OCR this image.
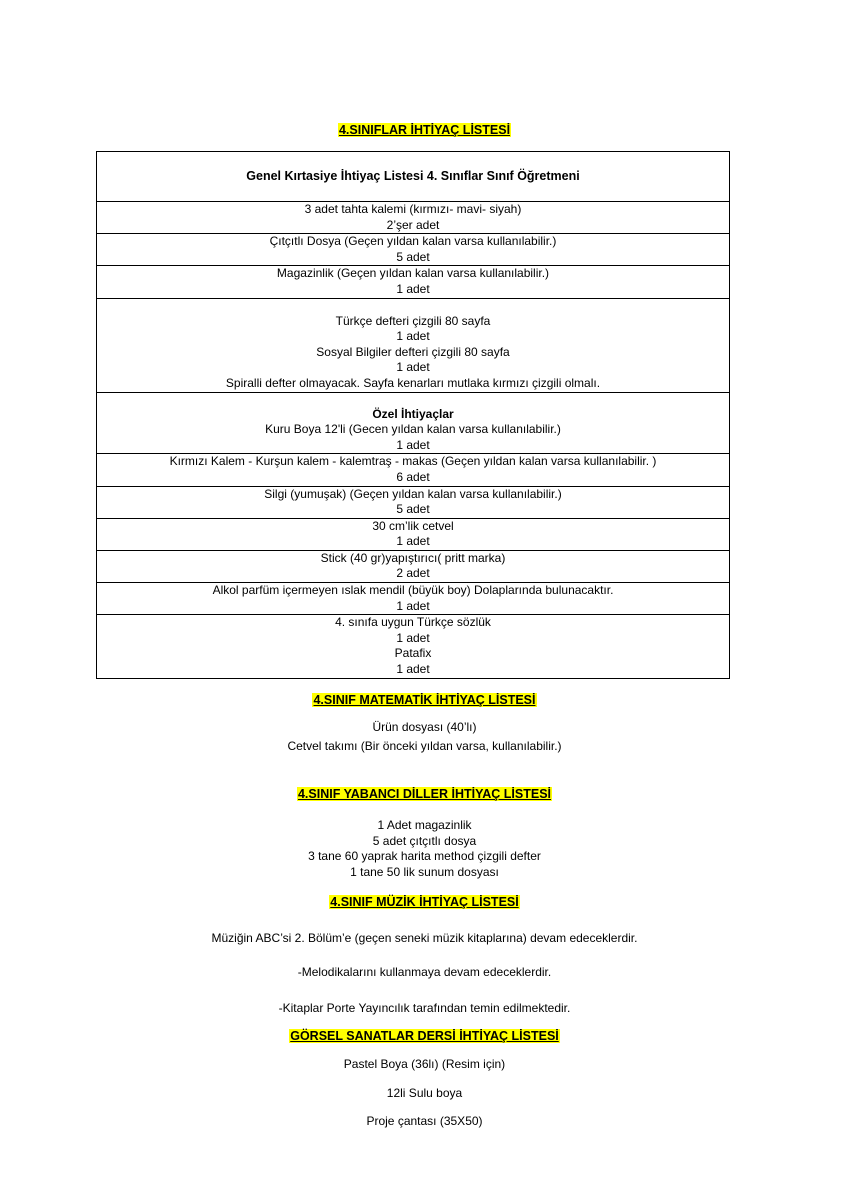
4.SINIFLAR İHTİYAÇ LİSTESİ
Genel Kırtasiye İhtiyaç Listesi 4. Sınıflar Sınıf Öğretmeni

3 adet tahta kalemi (kırmızı- mavi- siyah)
2’şer adet

Çıtçıtlı Dosya (Geçen yıldan kalan varsa kullanılabilir.)
5 adet

Magazinlik (Geçen yıldan kalan varsa kullanılabilir.)
1 adet

Türkçe defteri çizgili 80 sayfa
1 adet
Sosyal Bilgiler defteri çizgili 80 sayfa
1 adet
Spiralli defter olmayacak. Sayfa kenarları mutlaka kırmızı çizgili olmalı.

Özel İhtiyaçlar
Kuru Boya 12'li (Gecen yıldan kalan varsa kullanılabilir.)
1 adet

Kırmızı Kalem - Kurşun kalem - kalemtraş - makas (Geçen yıldan kalan varsa kullanılabilir. )
6 adet

Silgi (yumuşak) (Geçen yıldan kalan varsa kullanılabilir.)
5 adet

30 cm’lik cetvel
1 adet

Stick (40 gr)yapıştırıcı( pritt marka)
2 adet

Alkol parfüm içermeyen ıslak mendil (büyük boy) Dolaplarında bulunacaktır.
1 adet

4. sınıfa uygun Türkçe sözlük
1 adet
Patafix
1 adet
4.SINIF MATEMATİK İHTİYAÇ LİSTESİ
Ürün dosyası (40’lı)
Cetvel takımı (Bir önceki yıldan varsa, kullanılabilir.)
4.SINIF YABANCI DİLLER İHTİYAÇ LİSTESİ
1 Adet magazinlik
5 adet çıtçıtlı dosya
3 tane 60 yaprak harita method çizgili defter
1 tane 50 lik sunum dosyası
4.SINIF MÜZİK İHTİYAÇ LİSTESİ
Müziğin ABC’si 2. Bölüm’e (geçen seneki müzik kitaplarına) devam edeceklerdir.
-Melodikalarını kullanmaya devam edeceklerdir.
-Kitaplar Porte Yayıncılık tarafından temin edilmektedir.
GÖRSEL SANATLAR DERSİ İHTİYAÇ LİSTESİ
Pastel Boya (36lı) (Resim için)
12li Sulu boya
Proje çantası (35X50)
